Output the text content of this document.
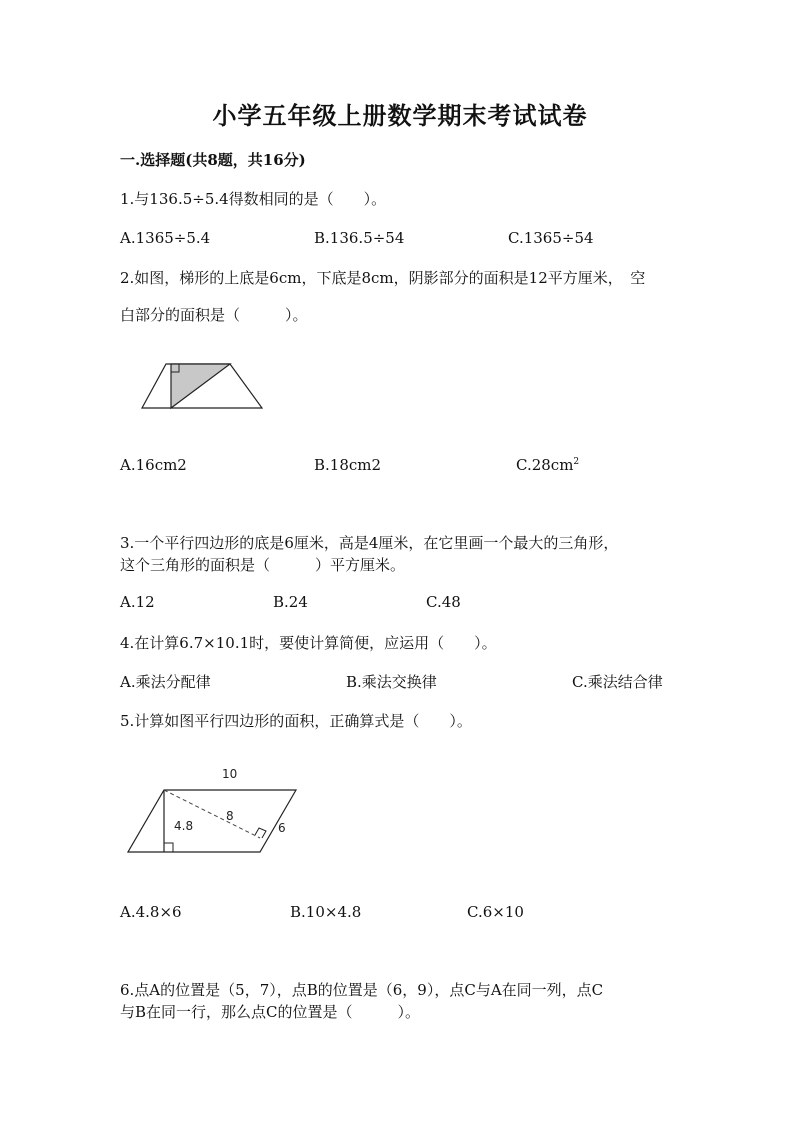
小学五年级上册数学期末考试试卷
一.选择题(共8题，共16分)
1.与136.5÷5.4得数相同的是（　　）。
A.1365÷5.4	B.136.5÷54	C.1365÷54
2.如图，梯形的上底是6cm，下底是8cm，阴影部分的面积是12平方厘米，　空
白部分的面积是（　　　）。
A.16cm2	B.18cm2	$C.28cm^2$
3.一个平行四边形的底是6厘米，高是4厘米，在它里画一个最大的三角形，
这个三角形的面积是（　　　）平方厘米。
A.12	B.24	C.48
4.在计算6.7×10.1时，要使计算简便，应运用（　　）。
A.乘法分配律	B.乘法交换律	C.乘法结合律
5.计算如图平行四边形的面积，正确算式是（　　）。
10
4.8
8
6
A.4.8×6	B.10×4.8	C.6×10
6.点A的位置是（5，7），点B的位置是（6，9），点C与A在同一列，点C
与B在同一行，那么点C的位置是（　　　）。
